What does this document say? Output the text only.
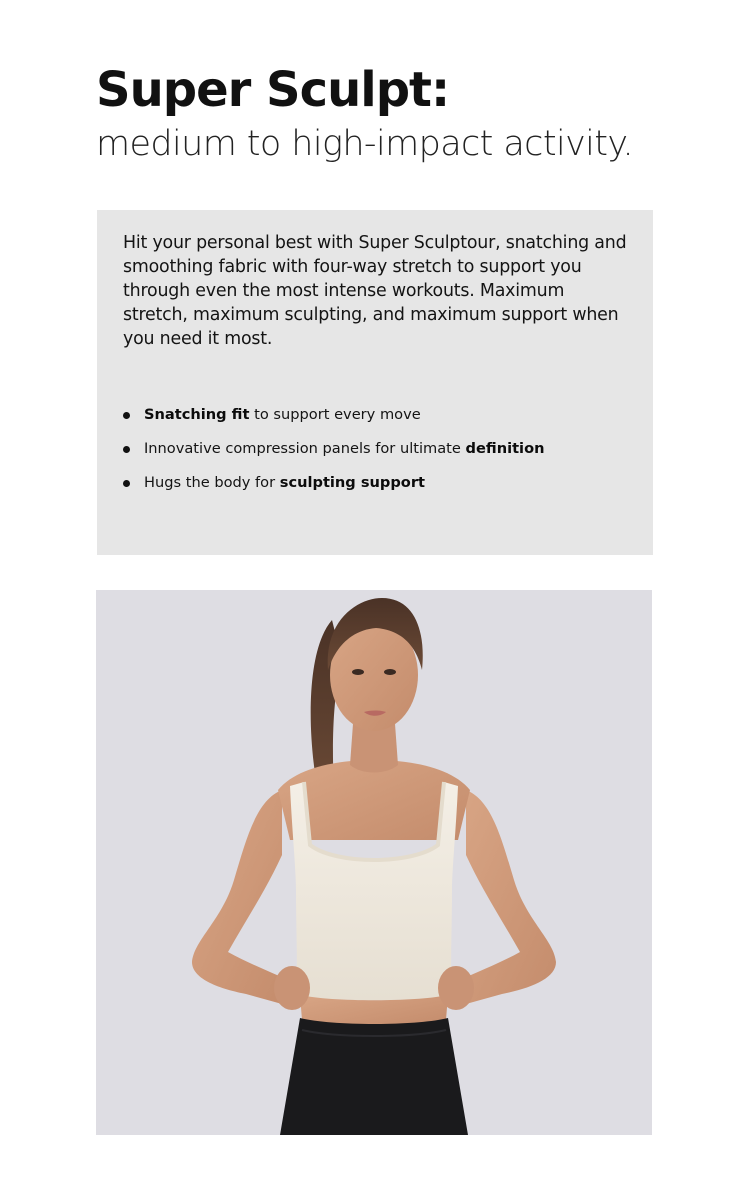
Super Sculpt:
medium to high-impact activity.

Hit your personal best with Super Sculptour, snatching and smoothing fabric with four-way stretch to support you through even the most intense workouts. Maximum stretch, maximum sculpting, and maximum support when you need it most.

Snatching fit to support every move
Innovative compression panels for ultimate definition
Hugs the body for sculpting support
